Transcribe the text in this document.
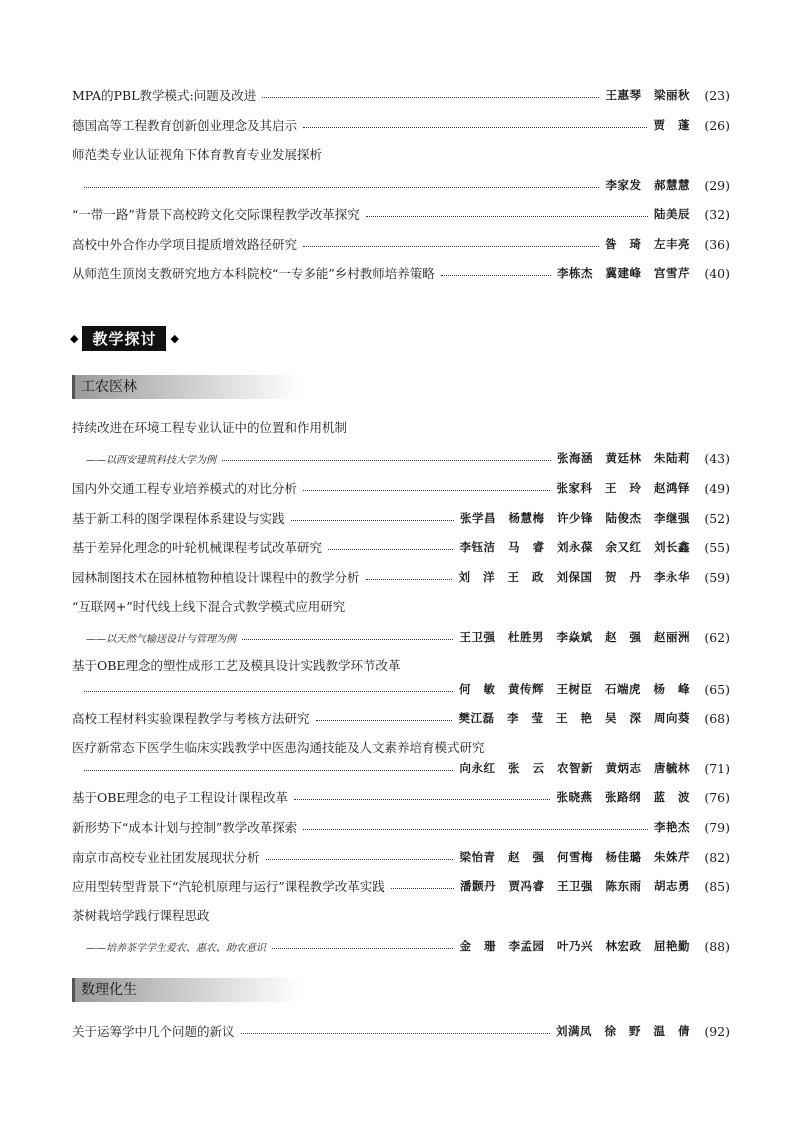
MPA的PBL教学模式:问题及改进	王惠琴 梁丽秋	(23)
德国高等工程教育创新创业理念及其启示	贾 蓬	(26)
师范类专业认证视角下体育教育专业发展探析
李家发 郝慧慧	(29)
“一带一路”背景下高校跨文化交际课程教学改革探究	陆美辰	(32)
高校中外合作办学项目提质增效路径研究	昝 琦 左丰亮	(36)
从师范生顶岗支教研究地方本科院校“一专多能”乡村教师培养策略	李栋杰 冀建峰 宫雪芹	(40)
◆ 教学探讨	◆
工农医林
持续改进在环境工程专业认证中的位置和作用机制
——以西安建筑科技大学为例	张海涵 黄廷林 朱陆莉	(43)
国内外交通工程专业培养模式的对比分析	张家科 王 玲 赵鸿铎	(49)
基于新工科的图学课程体系建设与实践	张学昌 杨慧梅 许少锋 陆俊杰 李继强	(52)
基于差异化理念的叶轮机械课程考试改革研究	李钰洁 马 睿 刘永葆 余又红 刘长鑫	(55)
园林制图技术在园林植物种植设计课程中的教学分析	刘 洋 王 政 刘保国 贺 丹 李永华	(59)
“互联网+”时代线上线下混合式教学模式应用研究
——以天然气输送设计与管理为例	王卫强 杜胜男 李焱斌 赵 强 赵丽洲	(62)
基于OBE理念的塑性成形工艺及模具设计实践教学环节改革
何 敏 黄传辉 王树臣 石端虎 杨 峰	(65)
高校工程材料实验课程教学与考核方法研究	樊江磊 李 莹 王 艳 吴 深 周向葵	(68)
医疗新常态下医学生临床实践教学中医患沟通技能及人文素养培育模式研究
向永红 张 云 农智新 黄炳志 唐毓林	(71)
基于OBE理念的电子工程设计课程改革	张晓燕 张路纲 蓝 波	(76)
新形势下“成本计划与控制”教学改革探索	李艳杰	(79)
南京市高校专业社团发展现状分析	梁怡青 赵 强 何雪梅 杨佳璐 朱姝芹	(82)
应用型转型背景下“汽轮机原理与运行”课程教学改革实践	潘颢丹 贾冯睿 王卫强 陈东雨 胡志勇	(85)
茶树栽培学践行课程思政
——培养茶学学生爱农、惠农、助农意识	金 珊 李孟园 叶乃兴 林宏政 屈艳勤	(88)
数理化生
关于运筹学中几个问题的新议	刘满凤 徐 野 温 倩	(92)
